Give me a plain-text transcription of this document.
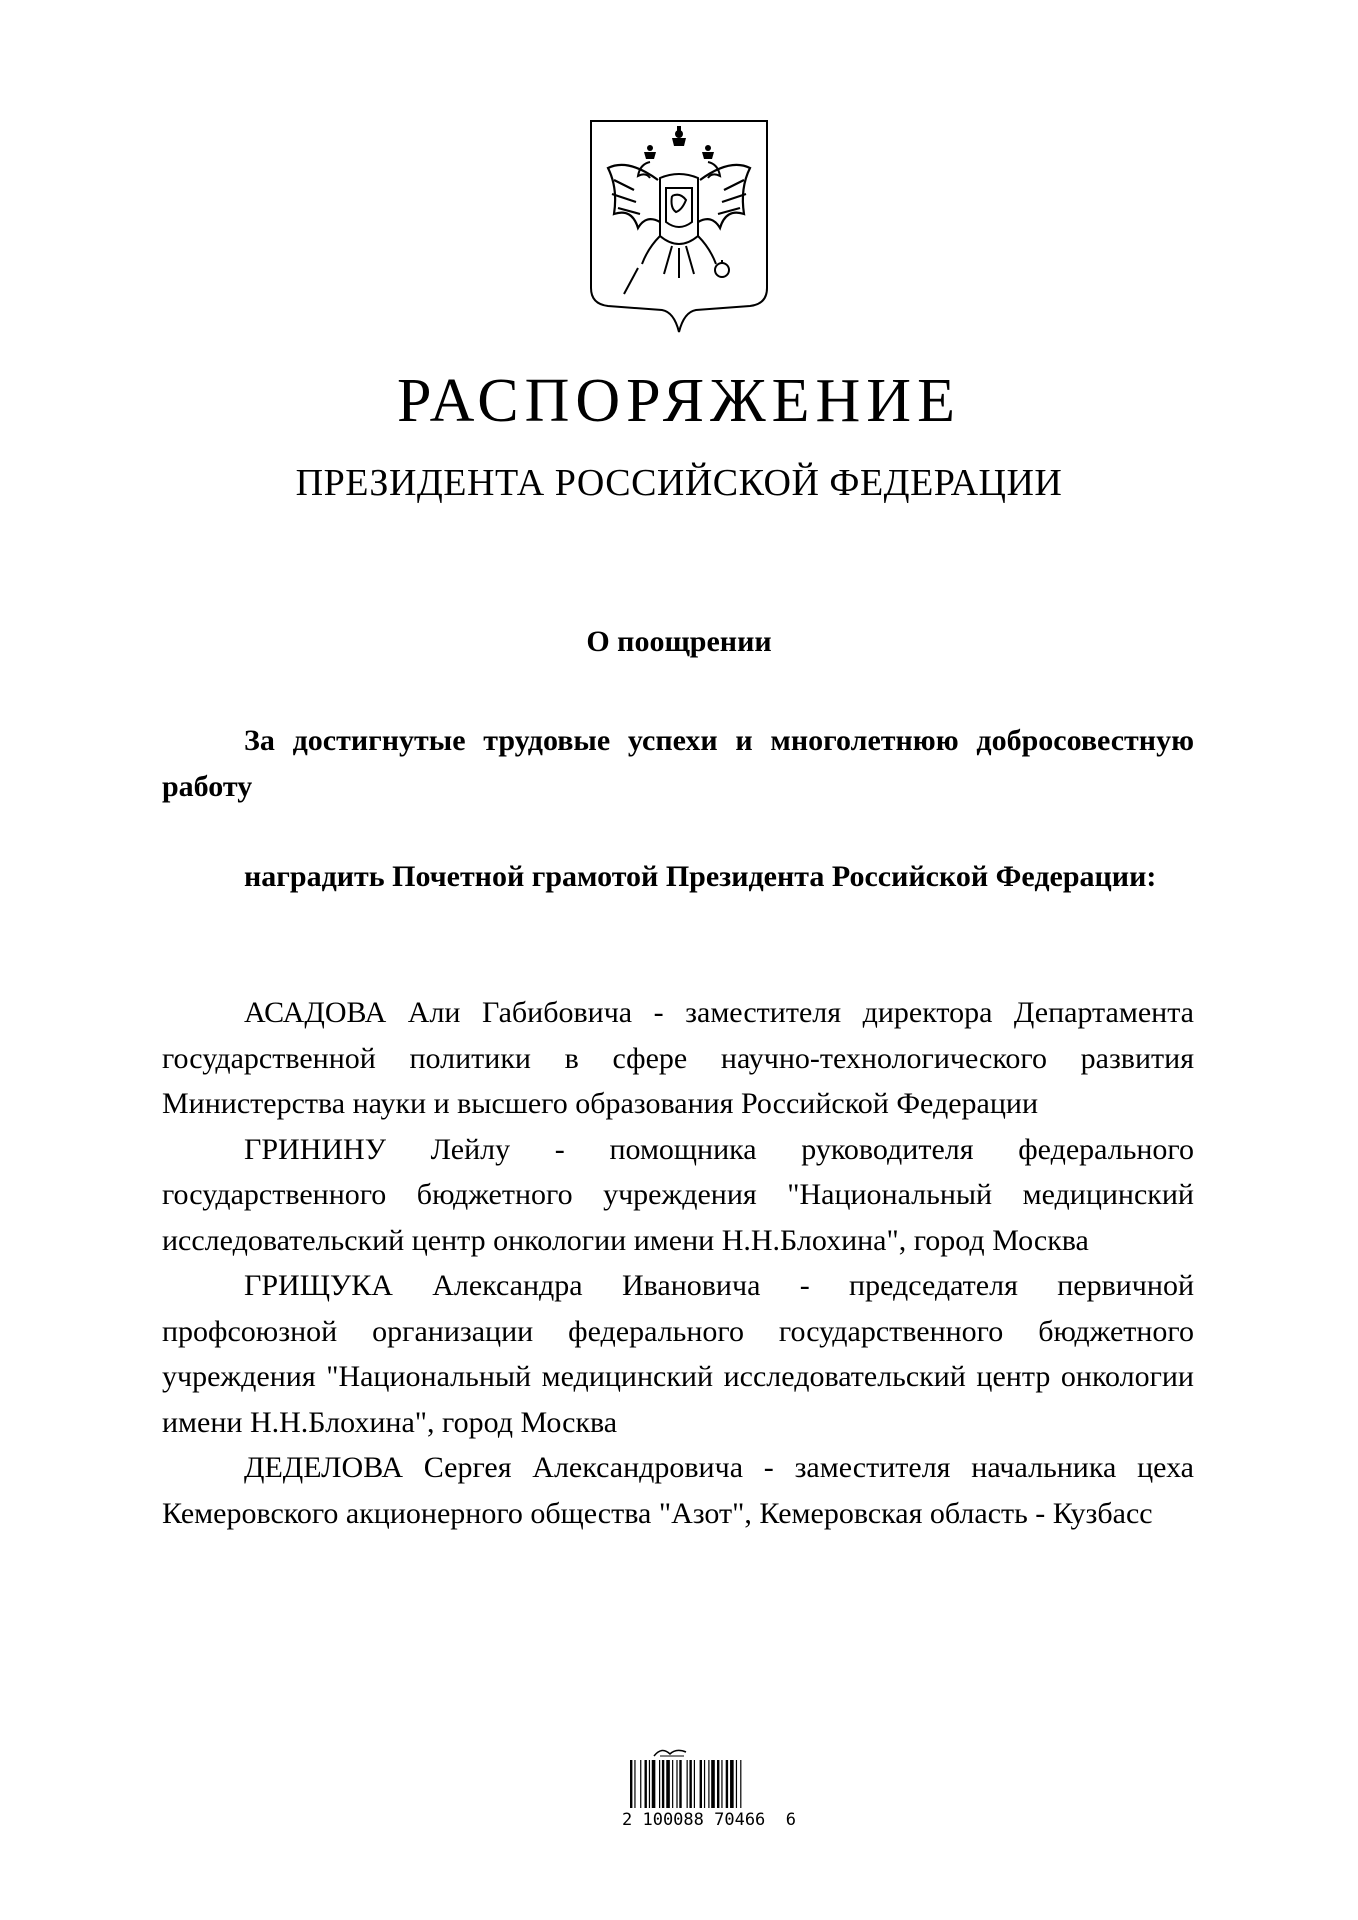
РАСПОРЯЖЕНИЕ
ПРЕЗИДЕНТА РОССИЙСКОЙ ФЕДЕРАЦИИ
О поощрении
За достигнутые трудовые успехи и многолетнюю добросовестную работу
наградить Почетной грамотой Президента Российской Федерации:

АСАДОВА Али Габибовича - заместителя директора Департамента государственной политики в сфере научно-технологического развития Министерства науки и высшего образования Российской Федерации

ГРИНИНУ Лейлу - помощника руководителя федерального государственного бюджетного учреждения "Национальный медицинский исследовательский центр онкологии имени Н.Н.Блохина", город Москва

ГРИЩУКА Александра Ивановича - председателя первичной профсоюзной организации федерального государственного бюджетного учреждения "Национальный медицинский исследовательский центр онкологии имени Н.Н.Блохина", город Москва

ДЕДЕЛОВА Сергея Александровича - заместителя начальника цеха Кемеровского акционерного общества "Азот", Кемеровская область - Кузбасс

2 100088 70466  6
